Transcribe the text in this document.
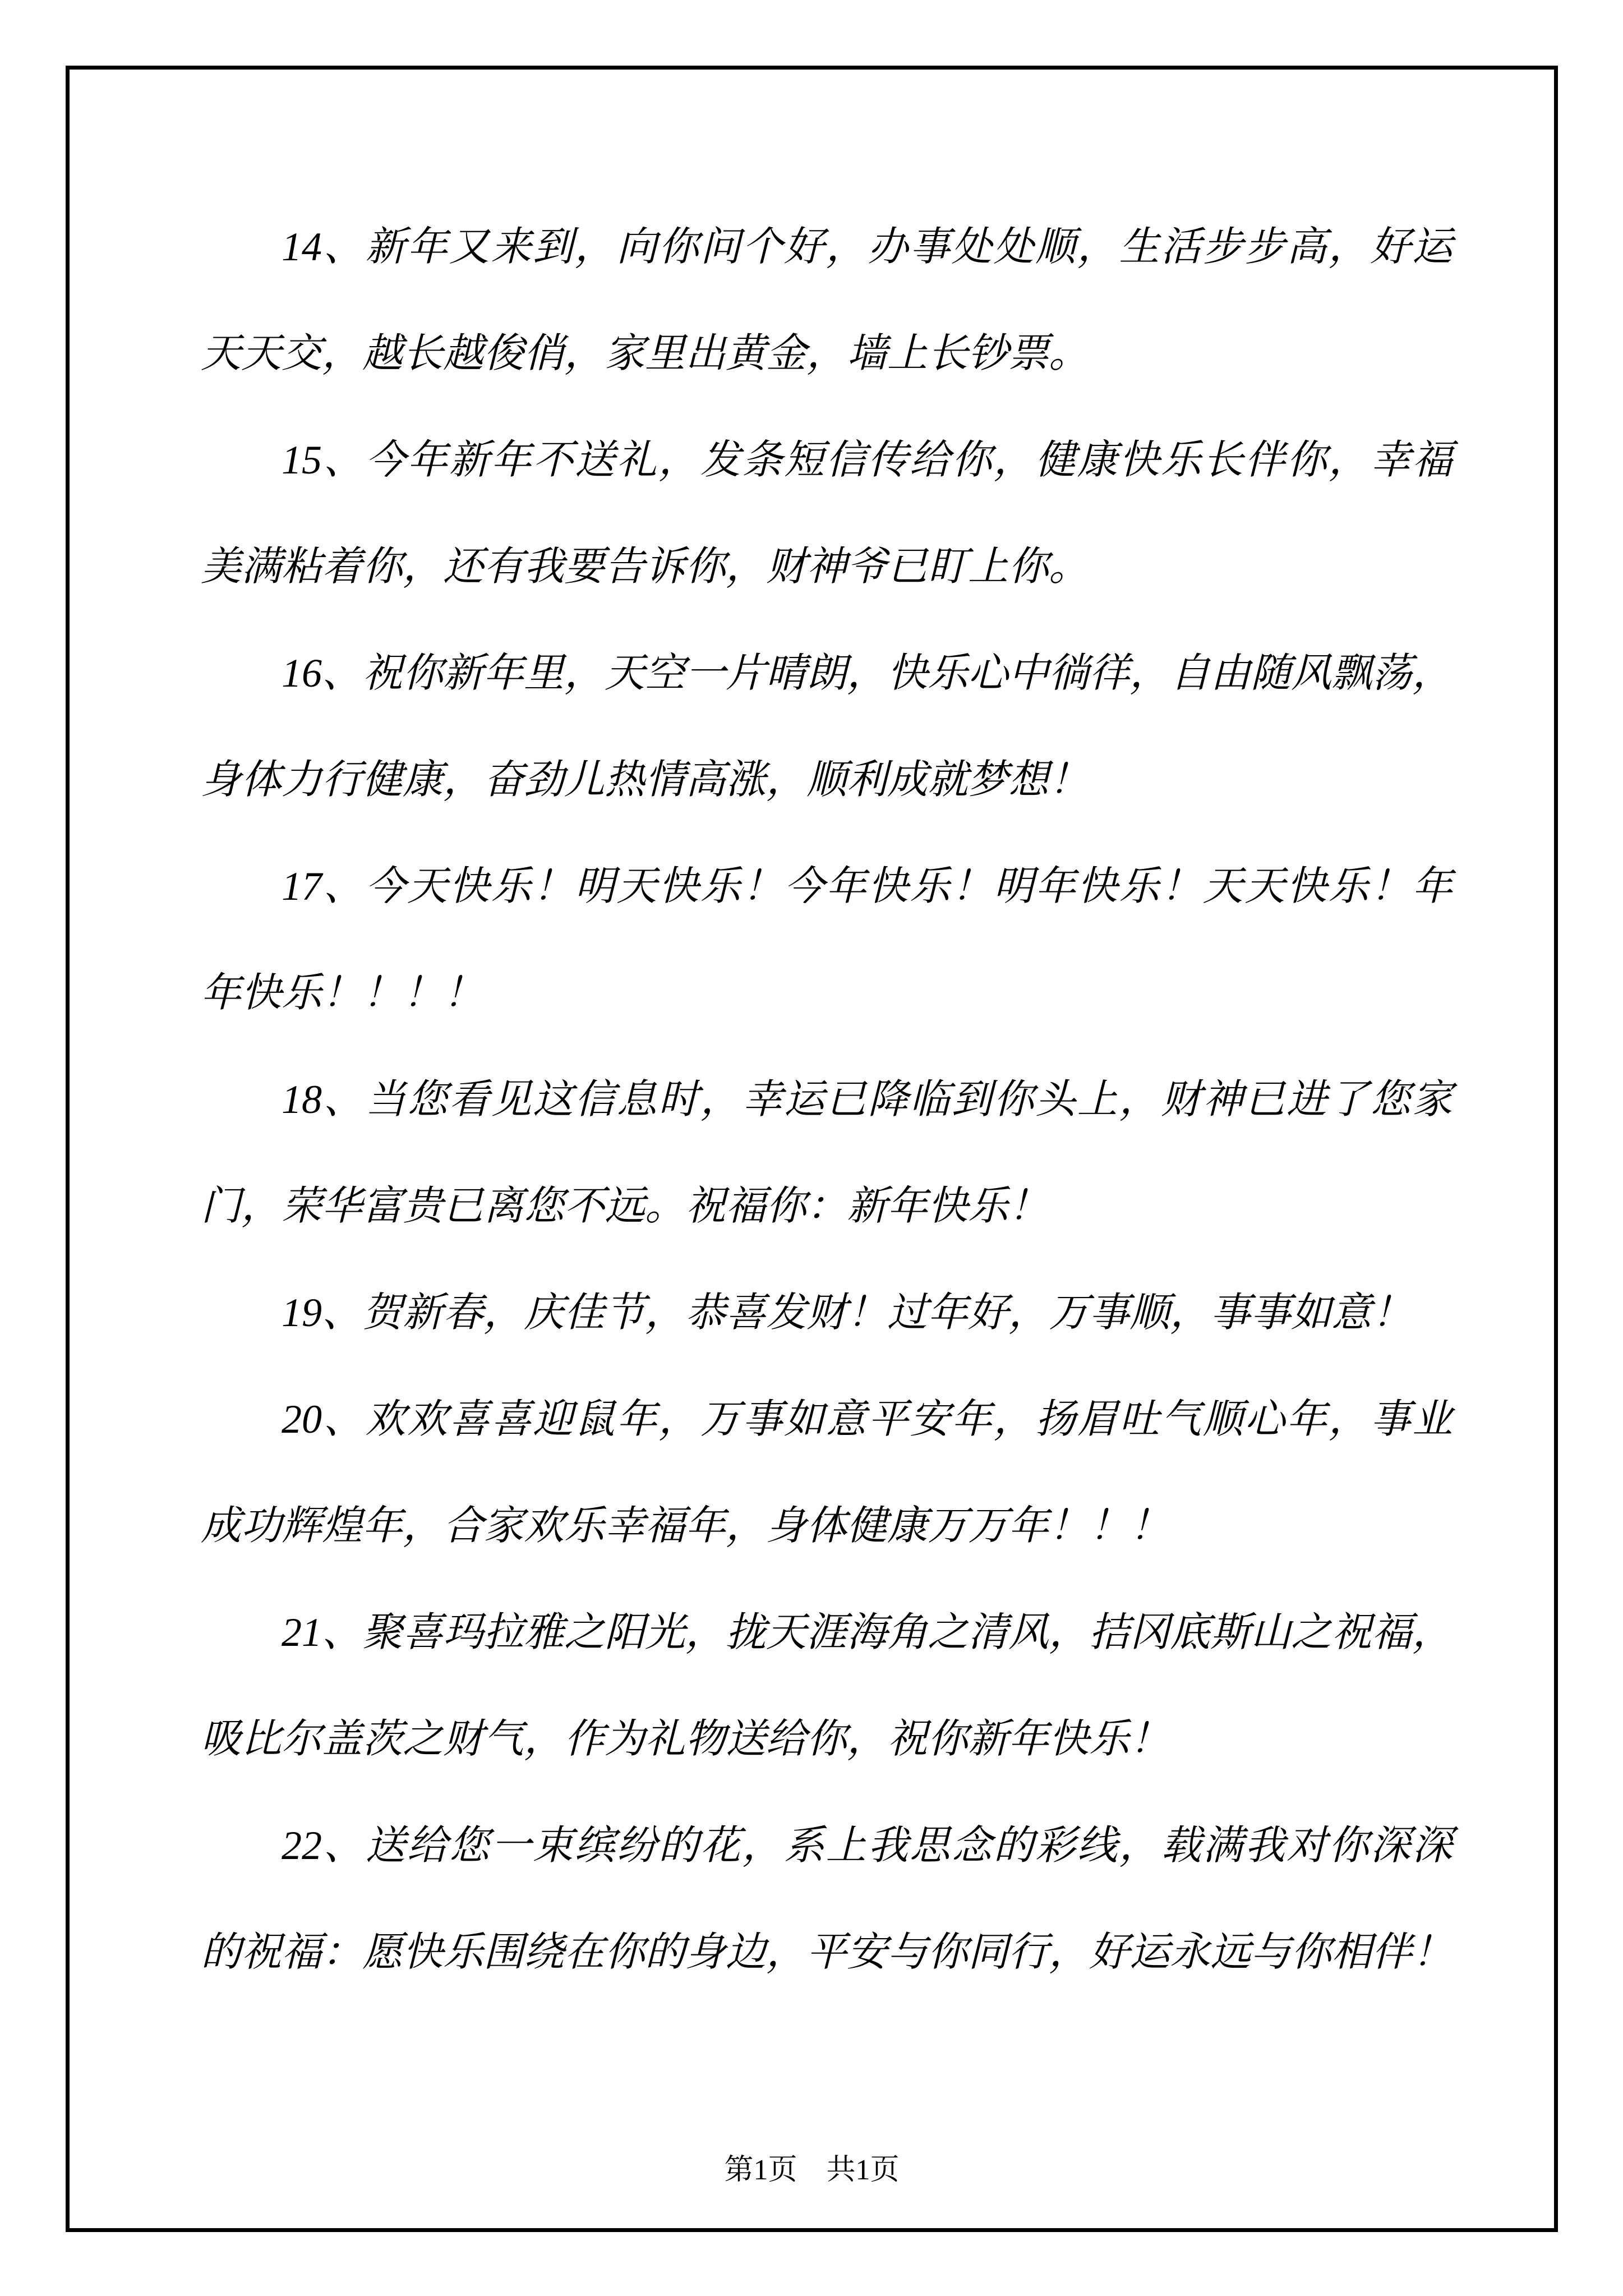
14、新年又来到，向你问个好，办事处处顺，生活步步高，好运
天天交，越长越俊俏，家里出黄金，墙上长钞票。

15、今年新年不送礼，发条短信传给你，健康快乐长伴你，幸福
美满粘着你，还有我要告诉你，财神爷已盯上你。

16、祝你新年里，天空一片晴朗，快乐心中徜徉，自由随风飘荡，
身体力行健康，奋劲儿热情高涨，顺利成就梦想！

17、今天快乐！明天快乐！今年快乐！明年快乐！天天快乐！年
年快乐！！！！

18、当您看见这信息时，幸运已降临到你头上，财神已进了您家
门，荣华富贵已离您不远。祝福你：新年快乐！

19、贺新春，庆佳节，恭喜发财！过年好，万事顺，事事如意！

20、欢欢喜喜迎鼠年，万事如意平安年，扬眉吐气顺心年，事业
成功辉煌年，合家欢乐幸福年，身体健康万万年！！！

21、聚喜玛拉雅之阳光，拢天涯海角之清风，拮冈底斯山之祝福，
吸比尔盖茨之财气，作为礼物送给你，祝你新年快乐！

22、送给您一束缤纷的花，系上我思念的彩线，载满我对你深深
的祝福：愿快乐围绕在你的身边，平安与你同行，好运永远与你相伴！

第1页　共1页
